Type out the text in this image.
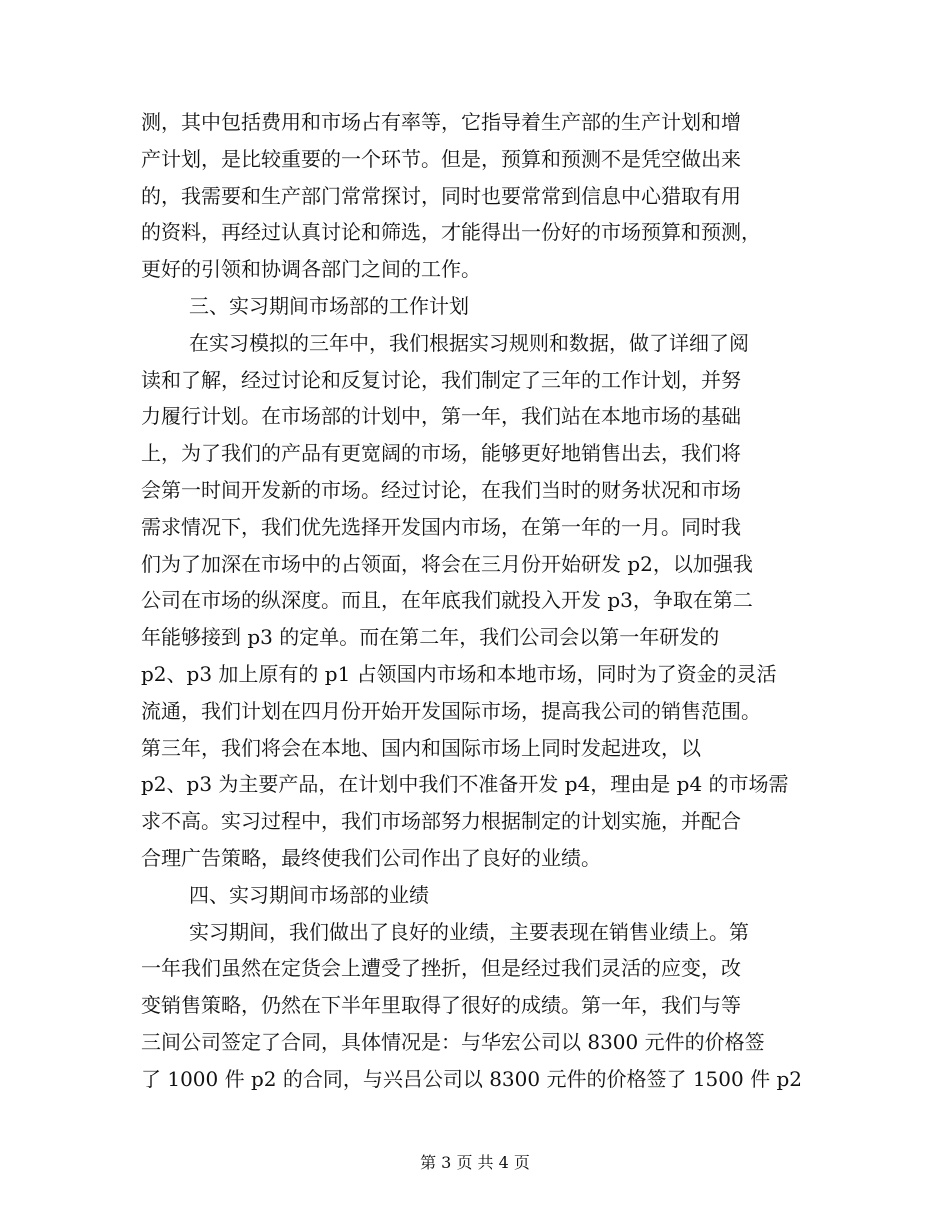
测，其中包括费用和市场占有率等，它指导着生产部的生产计划和增
产计划，是比较重要的一个环节。但是，预算和预测不是凭空做出来
的，我需要和生产部门常常探讨，同时也要常常到信息中心猎取有用
的资料，再经过认真讨论和筛选，才能得出一份好的市场预算和预测，
更好的引领和协调各部门之间的工作。
三、实习期间市场部的工作计划
在实习模拟的三年中，我们根据实习规则和数据，做了详细了阅
读和了解，经过讨论和反复讨论，我们制定了三年的工作计划，并努
力履行计划。在市场部的计划中，第一年，我们站在本地市场的基础
上，为了我们的产品有更宽阔的市场，能够更好地销售出去，我们将
会第一时间开发新的市场。经过讨论，在我们当时的财务状况和市场
需求情况下，我们优先选择开发国内市场，在第一年的一月。同时我
们为了加深在市场中的占领面，将会在三月份开始研发 p2，以加强我
公司在市场的纵深度。而且，在年底我们就投入开发 p3，争取在第二
年能够接到 p3 的定单。而在第二年，我们公司会以第一年研发的
p2、p3 加上原有的 p1 占领国内市场和本地市场，同时为了资金的灵活
流通，我们计划在四月份开始开发国际市场，提高我公司的销售范围。
第三年，我们将会在本地、国内和国际市场上同时发起进攻，以
p2、p3 为主要产品，在计划中我们不准备开发 p4，理由是 p4 的市场需
求不高。实习过程中，我们市场部努力根据制定的计划实施，并配合
合理广告策略，最终使我们公司作出了良好的业绩。
四、实习期间市场部的业绩
实习期间，我们做出了良好的业绩，主要表现在销售业绩上。第
一年我们虽然在定货会上遭受了挫折，但是经过我们灵活的应变，改
变销售策略，仍然在下半年里取得了很好的成绩。第一年，我们与等
三间公司签定了合同，具体情况是：与华宏公司以 8300 元件的价格签
了 1000 件 p2 的合同，与兴吕公司以 8300 元件的价格签了 1500 件 p2
第 3 页 共 4 页
